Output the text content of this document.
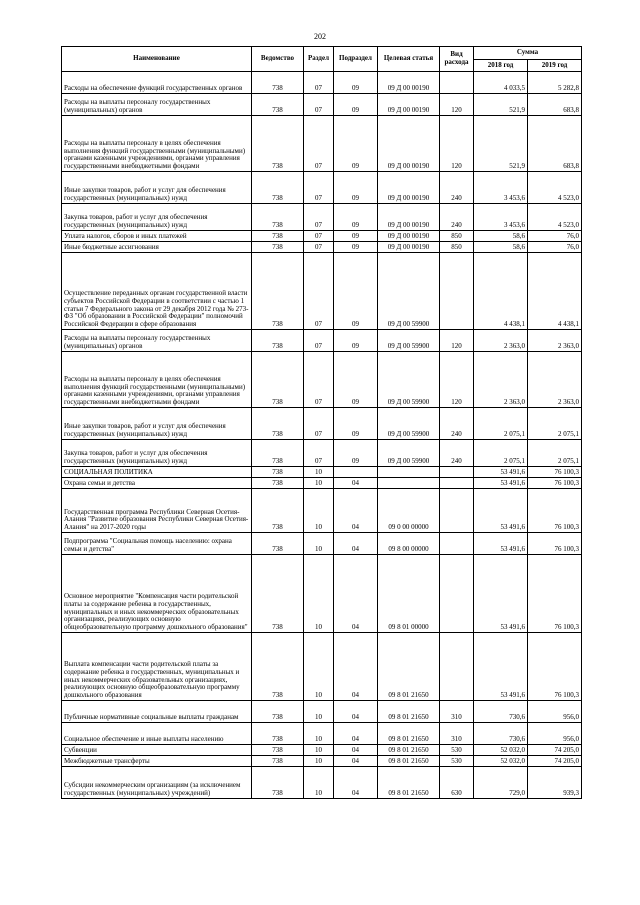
202
Наименование	Ведомство	Раздел	Подраздел	Целевая статья	Вид расхода	Сумма	
						2018 год	2019 год
Расходы на обеспечение функций государственных органов	738	07	09	09 Д 00 00190		4 033,5	5 282,8
Расходы на выплаты персоналу государственных (муниципальных) органов	738	07	09	09 Д 00 00190	120	521,9	683,8
Расходы на выплаты персоналу в целях обеспечения выполнения функций государственными (муниципальными) органами казенными учреждениями, органами управления государственными внебюджетными фондами	738	07	09	09 Д 00 00190	120	521,9	683,8
Иные закупки товаров, работ и услуг для обеспечения государственных (муниципальных) нужд	738	07	09	09 Д 00 00190	240	3 453,6	4 523,0
Закупка товаров, работ и услуг для обеспечения государственных (муниципальных) нужд	738	07	09	09 Д 00 00190	240	3 453,6	4 523,0
Уплата налогов, сборов и иных платежей	738	07	09	09 Д 00 00190	850	58,6	76,0
Иные бюджетные ассигнования	738	07	09	09 Д 00 00190	850	58,6	76,0
Осуществление переданных органам государственной власти субъектов Российской Федерации в соответствии с частью 1 статьи 7 Федерального закона от 29 декабря 2012 года № 273-ФЗ "Об образовании в Российской Федерации" полномочий Российской Федерации в сфере образования	738	07	09	09 Д 00 59900		4 438,1	4 438,1
Расходы на выплаты персоналу государственных (муниципальных) органов	738	07	09	09 Д 00 59900	120	2 363,0	2 363,0
Расходы на выплаты персоналу в целях обеспечения выполнения функций государственными (муниципальными) органами казенными учреждениями, органами управления государственными внебюджетными фондами	738	07	09	09 Д 00 59900	120	2 363,0	2 363,0
Иные закупки товаров, работ и услуг для обеспечения государственных (муниципальных) нужд	738	07	09	09 Д 00 59900	240	2 075,1	2 075,1
Закупка товаров, работ и услуг для обеспечения государственных (муниципальных) нужд	738	07	09	09 Д 00 59900	240	2 075,1	2 075,1
СОЦИАЛЬНАЯ ПОЛИТИКА	738	10				53 491,6	76 100,3
Охрана семьи и детства	738	10	04			53 491,6	76 100,3
Государственная программа Республики Северная Осетия-Алания "Развитие образования Республики Северная Осетия-Алания" на 2017-2020 годы	738	10	04	09 0 00 00000		53 491,6	76 100,3
Подпрограмма "Социальная помощь населению: охрана семьи и детства"	738	10	04	09 8 00 00000		53 491,6	76 100,3
Основное мероприятие "Компенсация части родительской платы за содержание ребенка в государственных, муниципальных и иных некоммерческих образовательных организациях, реализующих основную общеобразовательную программу дошкольного образования"	738	10	04	09 8 01 00000		53 491,6	76 100,3
Выплата компенсации части родительской платы за содержание ребенка в государственных, муниципальных и иных некоммерческих образовательных организациях, реализующих основную общеобразовательную программу дошкольного образования	738	10	04	09 8 01 21650		53 491,6	76 100,3
Публичные нормативные социальные выплаты гражданам	738	10	04	09 8 01 21650	310	730,6	956,0
Социальное обеспечение и иные выплаты населению	738	10	04	09 8 01 21650	310	730,6	956,0
Субвенции	738	10	04	09 8 01 21650	530	52 032,0	74 205,0
Межбюджетные трансферты	738	10	04	09 8 01 21650	530	52 032,0	74 205,0
Субсидии некоммерческим организациям (за исключением государственных (муниципальных) учреждений)	738	10	04	09 8 01 21650	630	729,0	939,3
